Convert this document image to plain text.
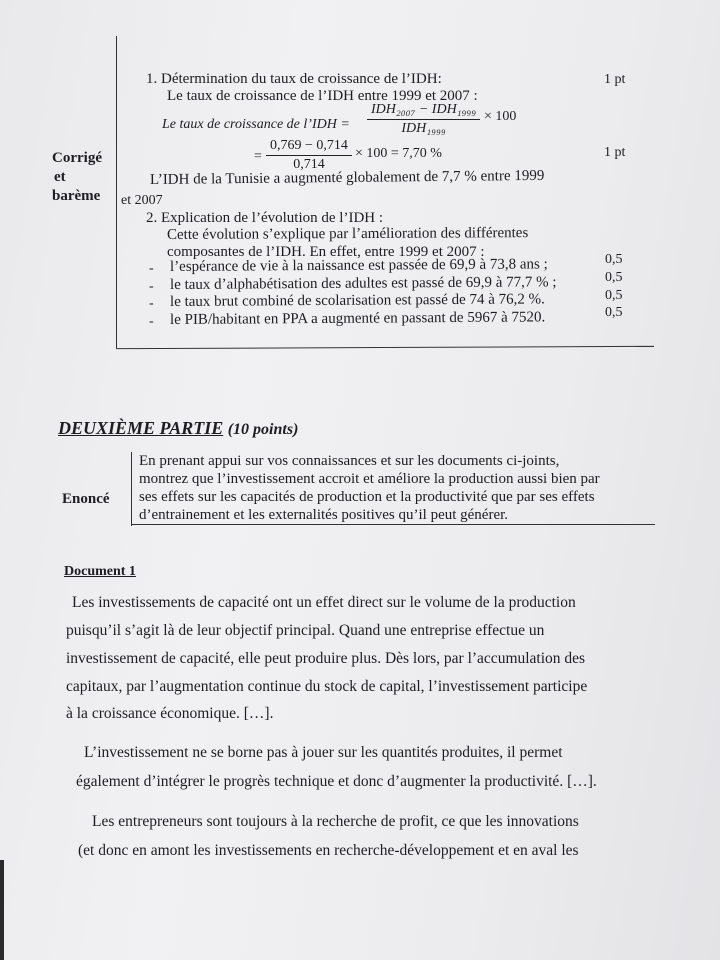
Corrigé
et
barème
1. Détermination du taux de croissance de l’IDH:
Le taux de croissance de l’IDH entre 1999 et 2007 :
Le taux de croissance de l’IDH =
IDH₂₀₀₇ − IDH₁₉₉₉
IDH₁₉₉₉
× 100
= $\frac{0,769 - 0,714}{0,714} \times 100 = 7,70$ %
L’IDH de la Tunisie a augmenté globalement de 7,7 % entre 1999
et 2007
2. Explication de l’évolution de l’IDH :
Cette évolution s’explique par l’amélioration des différentes
composantes de l’IDH. En effet, entre 1999 et 2007 :
- l’espérance de vie à la naissance est passée de 69,9 à 73,8 ans ;
- le taux d’alphabétisation des adultes est passé de 69,9 à 77,7 % ;
- le taux brut combiné de scolarisation est passé de 74 à 76,2 %.
- le PIB/habitant en PPA a augmenté en passant de 5967 à 7520.
1 pt
1 pt
0,5
0,5
0,5
0,5
DEUXIÈME PARTIE (10 points)
Enoncé
En prenant appui sur vos connaissances et sur les documents ci-joints,
montrez que l’investissement accroit et améliore la production aussi bien par
ses effets sur les capacités de production et la productivité que par ses effets
d’entrainement et les externalités positives qu’il peut générer.
Document 1
Les investissements de capacité ont un effet direct sur le volume de la production
puisqu’il s’agit là de leur objectif principal. Quand une entreprise effectue un
investissement de capacité, elle peut produire plus. Dès lors, par l’accumulation des
capitaux, par l’augmentation continue du stock de capital, l’investissement participe
à la croissance économique. […].
L’investissement ne se borne pas à jouer sur les quantités produites, il permet
également d’intégrer le progrès technique et donc d’augmenter la productivité. […].
Les entrepreneurs sont toujours à la recherche de profit, ce que les innovations
(et donc en amont les investissements en recherche-développement et en aval les
